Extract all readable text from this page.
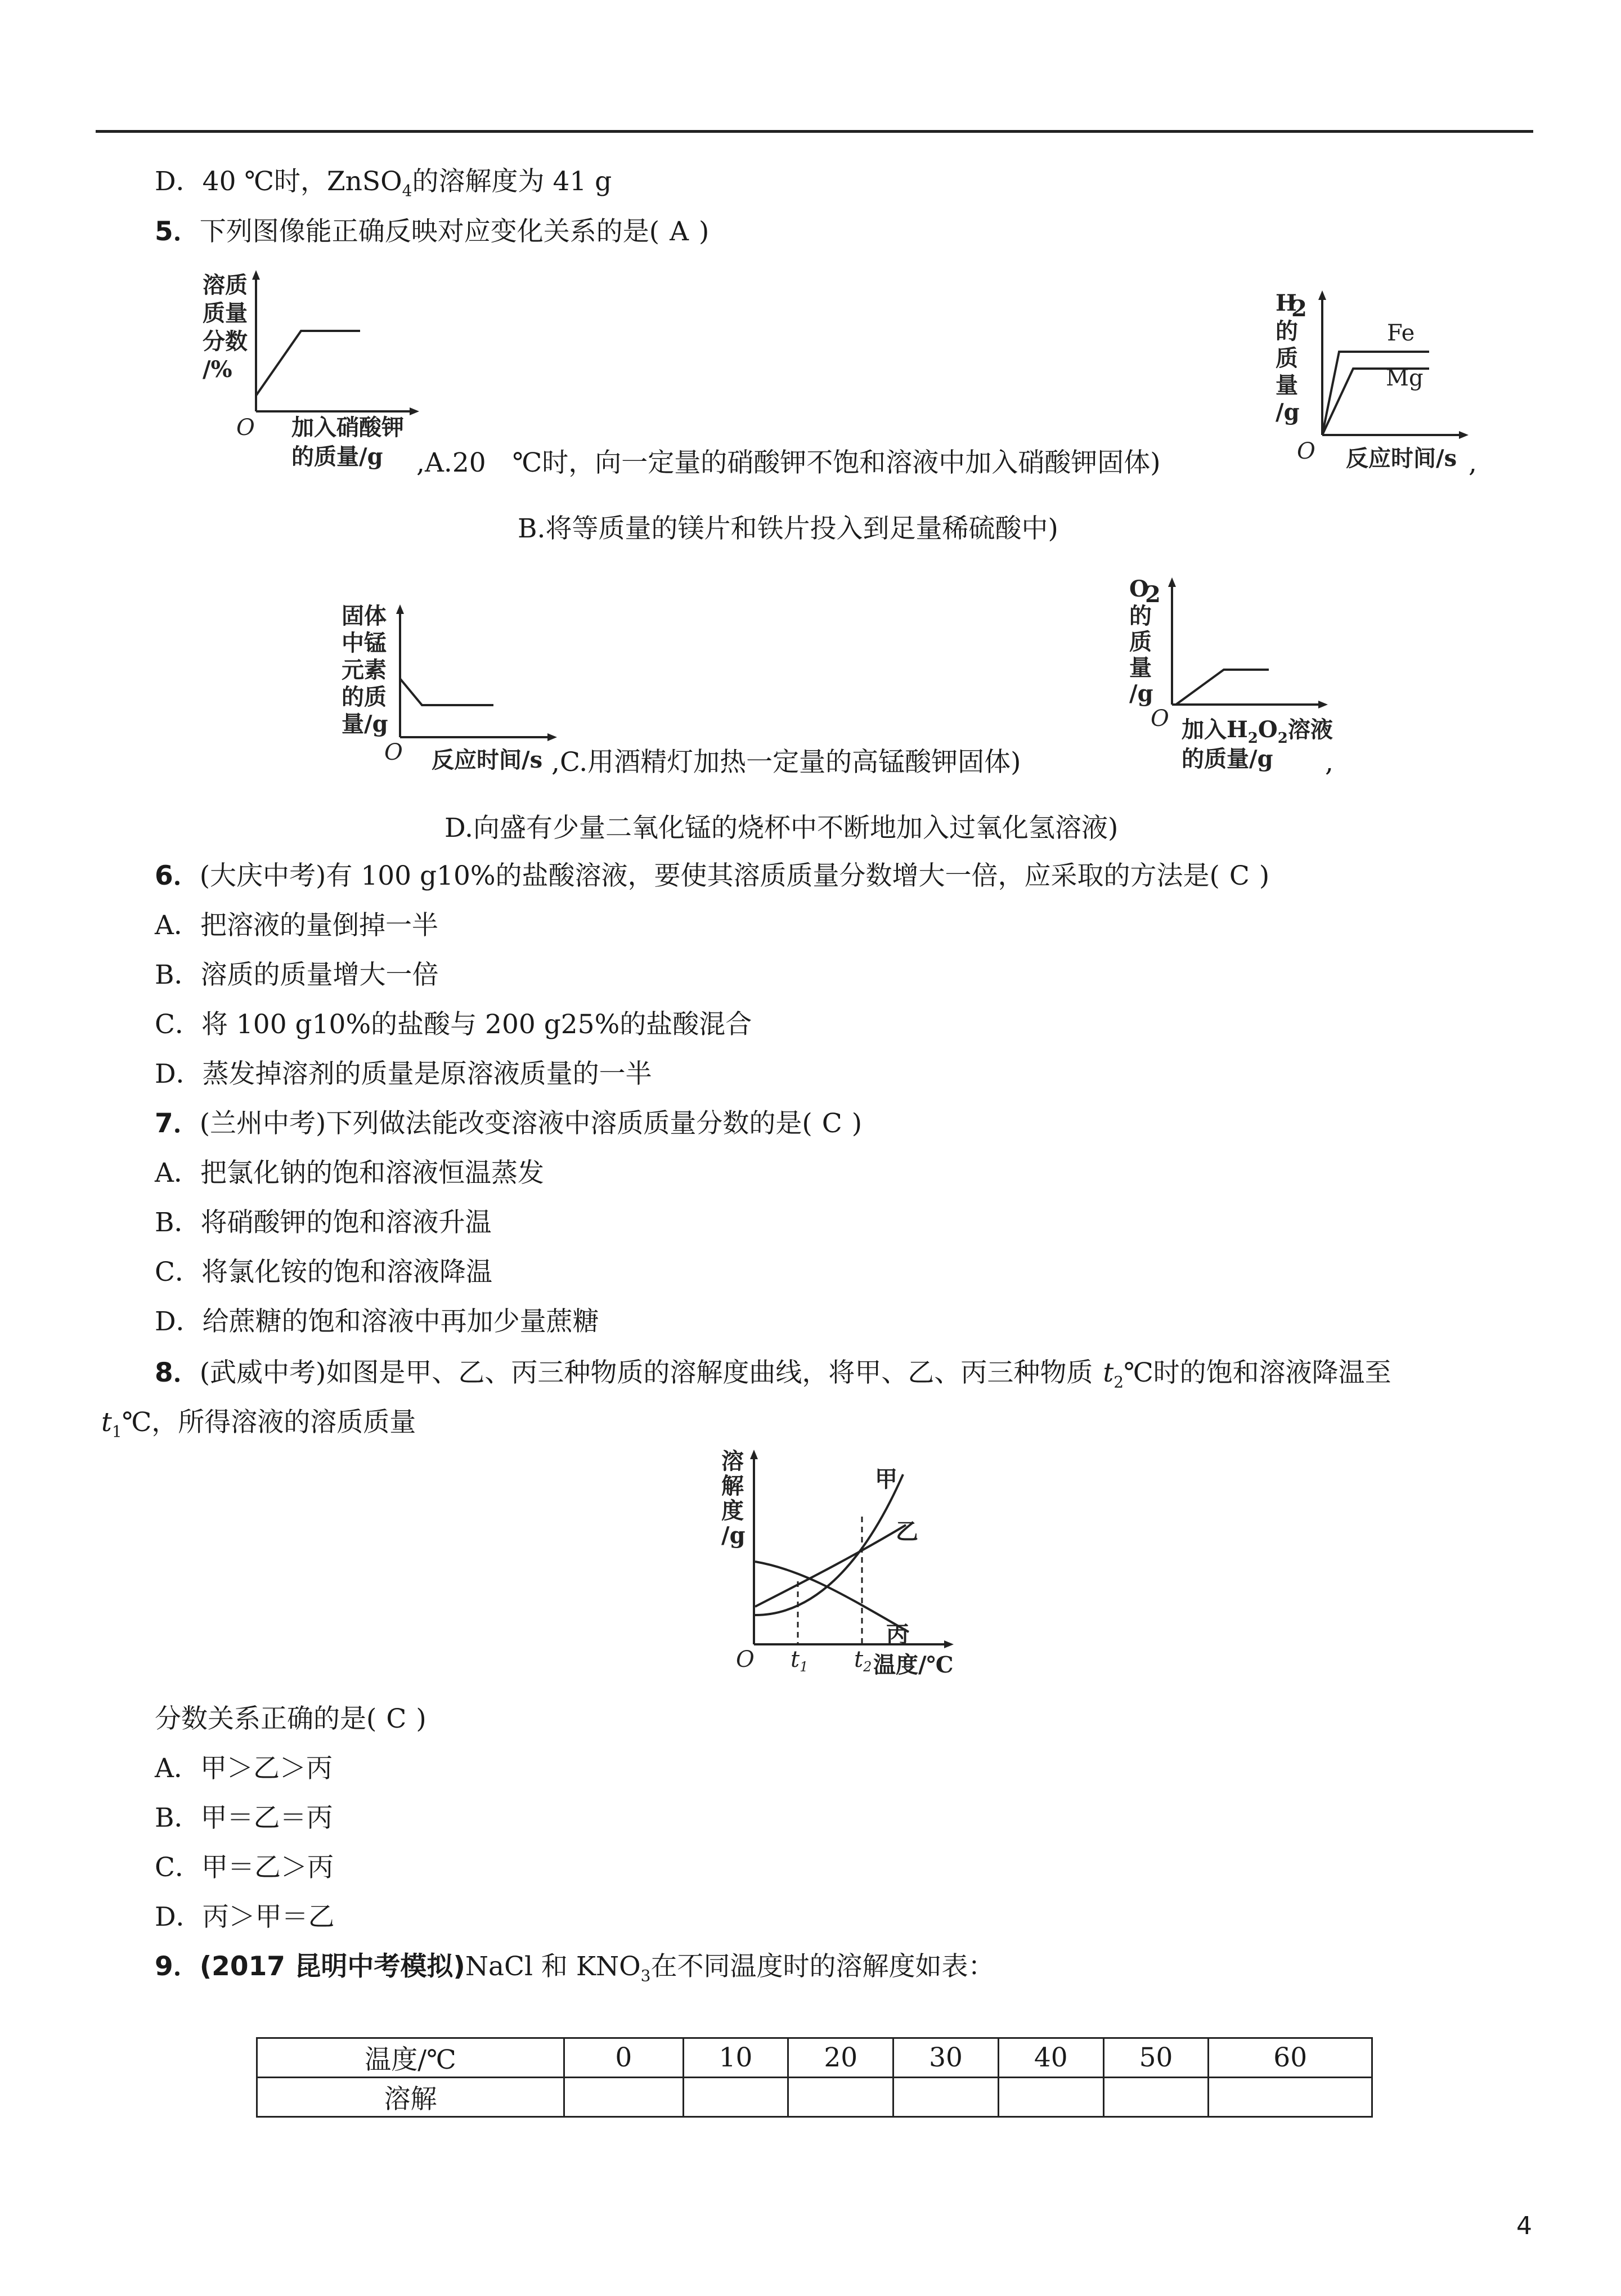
D．40 ℃时，ZnSO$_4$的溶解度为 41 g
5．下列图像能正确反映对应变化关系的是( A )
溶质
质量
分数
/%
O 加入硝酸钾
的质量/g ,A.20　℃时，向一定量的硝酸钾不饱和溶液中加入硝酸钾固体)
H
2
的
质
量
/g
Fe
Mg
O 反应时间/s ,
B.将等质量的镁片和铁片投入到足量稀硫酸中)
固体
中锰
元素
的质
量/g
O 反应时间/s ,C.用酒精灯加热一定量的高锰酸钾固体)
O
2
的
质
量
/g
O 加入$H_2O_2$溶液
的质量/g ,
D.向盛有少量二氧化锰的烧杯中不断地加入过氧化氢溶液)
6．(大庆中考)有 100 g10%的盐酸溶液，要使其溶质质量分数增大一倍，应采取的方法是( C )
A．把溶液的量倒掉一半
B．溶质的质量增大一倍
C．将 100 g10%的盐酸与 200 g25%的盐酸混合
D．蒸发掉溶剂的质量是原溶液质量的一半
7．(兰州中考)下列做法能改变溶液中溶质质量分数的是( C )
A．把氯化钠的饱和溶液恒温蒸发
B．将硝酸钾的饱和溶液升温
C．将氯化铵的饱和溶液降温
D．给蔗糖的饱和溶液中再加少量蔗糖
8．(武威中考)如图是甲、乙、丙三种物质的溶解度曲线，将甲、乙、丙三种物质 $t_2℃$时的饱和溶液降温至
$t_1℃$，所得溶液的溶质质量
溶
解
度
/g
甲
乙
丙
O $t_1$ $t_2$ 温度/℃
分数关系正确的是( C )
A．甲＞乙＞丙
B．甲＝乙＝丙
C．甲＝乙＞丙
D．丙＞甲＝乙
9．(2017 昆明中考模拟)NaCl 和 $KNO_3$在不同温度时的溶解度如表：
温度/℃	0	10	20	30	40	50	60
溶解							
4
